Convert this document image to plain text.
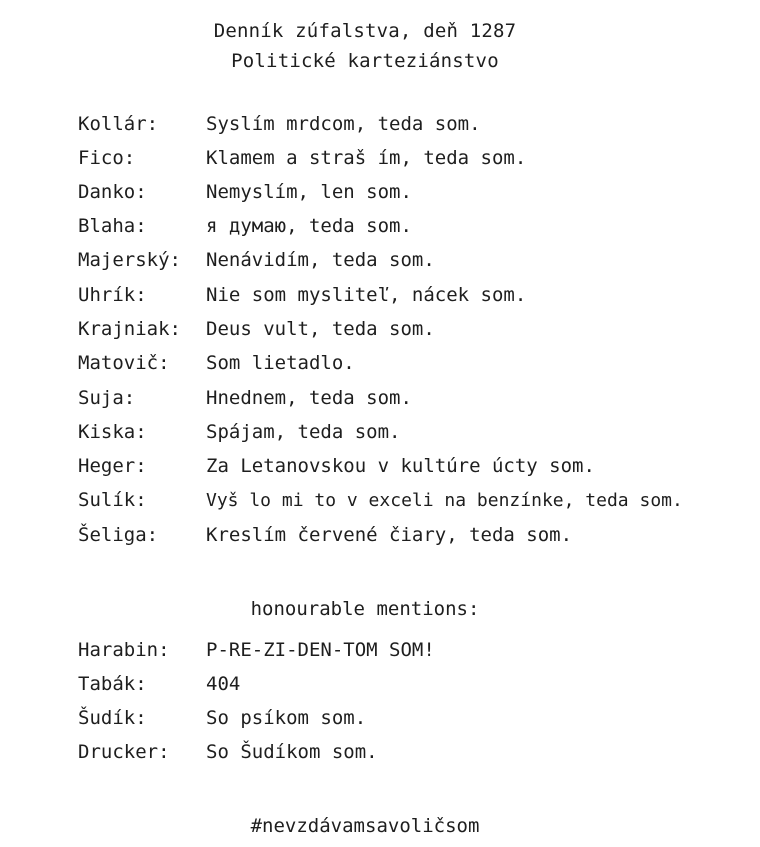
Denník zúfalstva, deň 1287
Politické karteziánstvo
Kollár:	Syslím mrdcom, teda som.
Fico:	Klamem a straš ím, teda som.
Danko:	Nemyslím, len som.
Blaha:	я думаю, teda som.
Majerský:	Nenávidím, teda som.
Uhrík:	Nie som mysliteľ, nácek som.
Krajniak:	Deus vult, teda som.
Matovič:	Som lietadlo.
Suja:	Hnednem, teda som.
Kiska:	Spájam, teda som.
Heger:	Za Letanovskou v kultúre úcty som.
Sulík:	Vyš lo mi to v exceli na benzínke, teda som.
Šeliga:	Kreslím červené čiary, teda som.
honourable mentions:
Harabin:	P-RE-ZI-DEN-TOM SOM!
Tabák:	404
Šudík:	So psíkom som.
Drucker:	So Šudíkom som.
#nevzdávamsavoličsom
